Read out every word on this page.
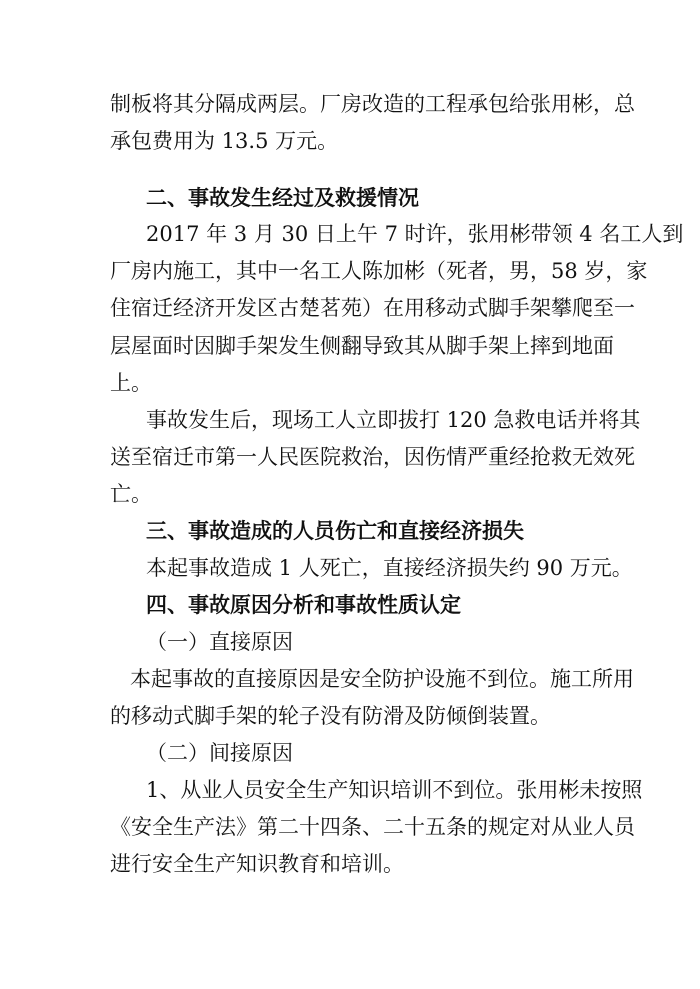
制板将其分隔成两层。厂房改造的工程承包给张用彬，总
承包费用为 13.5 万元。
二、事故发生经过及救援情况
2017 年 3 月 30 日上午 7 时许，张用彬带领 4 名工人到
厂房内施工，其中一名工人陈加彬（死者，男，58 岁，家
住宿迁经济开发区古楚茗苑）在用移动式脚手架攀爬至一
层屋面时因脚手架发生侧翻导致其从脚手架上摔到地面
上。
事故发生后，现场工人立即拔打 120 急救电话并将其
送至宿迁市第一人民医院救治，因伤情严重经抢救无效死
亡。
三、事故造成的人员伤亡和直接经济损失
本起事故造成 1 人死亡，直接经济损失约 90 万元。
四、事故原因分析和事故性质认定
（一）直接原因
本起事故的直接原因是安全防护设施不到位。施工所用
的移动式脚手架的轮子没有防滑及防倾倒装置。
（二）间接原因
1、从业人员安全生产知识培训不到位。张用彬未按照
《安全生产法》第二十四条、二十五条的规定对从业人员
进行安全生产知识教育和培训。
